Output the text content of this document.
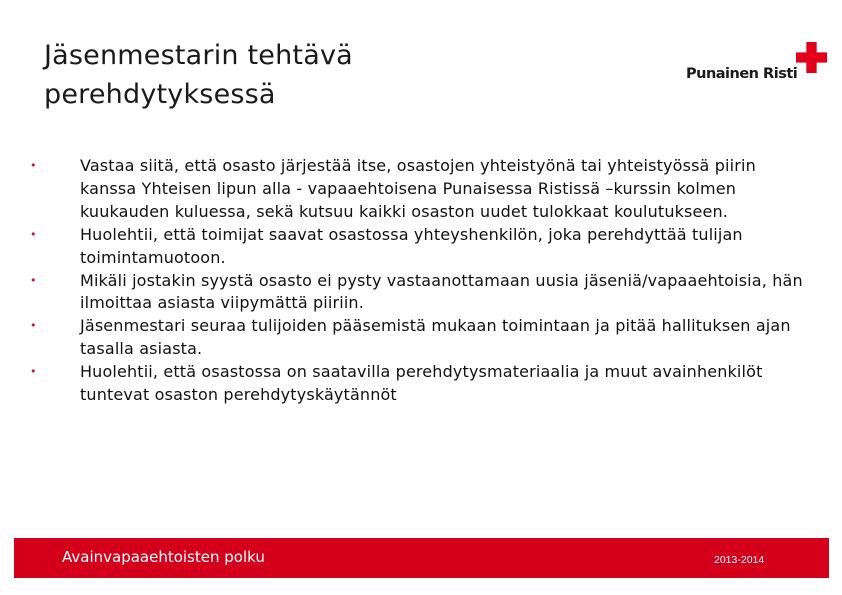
Jäsenmestarin tehtävä
perehdytyksessä
Punainen Risti
•	Vastaa siitä, että osasto järjestää itse, osastojen yhteistyönä tai yhteistyössä piirin kanssa Yhteisen lipun alla - vapaaehtoisena Punaisessa Ristissä –kurssin kolmen kuukauden kuluessa, sekä kutsuu kaikki osaston uudet tulokkaat koulutukseen.
•	Huolehtii, että toimijat saavat osastossa yhteyshenkilön, joka perehdyttää tulijan toimintamuotoon.
•	Mikäli jostakin syystä osasto ei pysty vastaanottamaan uusia jäseniä/vapaaehtoisia, hän ilmoittaa asiasta viipymättä piiriin.
•	Jäsenmestari seuraa tulijoiden pääsemistä mukaan toimintaan ja pitää hallituksen ajan tasalla asiasta.
•	Huolehtii, että osastossa on saatavilla perehdytysmateriaalia ja muut avainhenkilöt tuntevat osaston perehdytyskäytännöt
Avainvapaaehtoisten polku	2013-2014
